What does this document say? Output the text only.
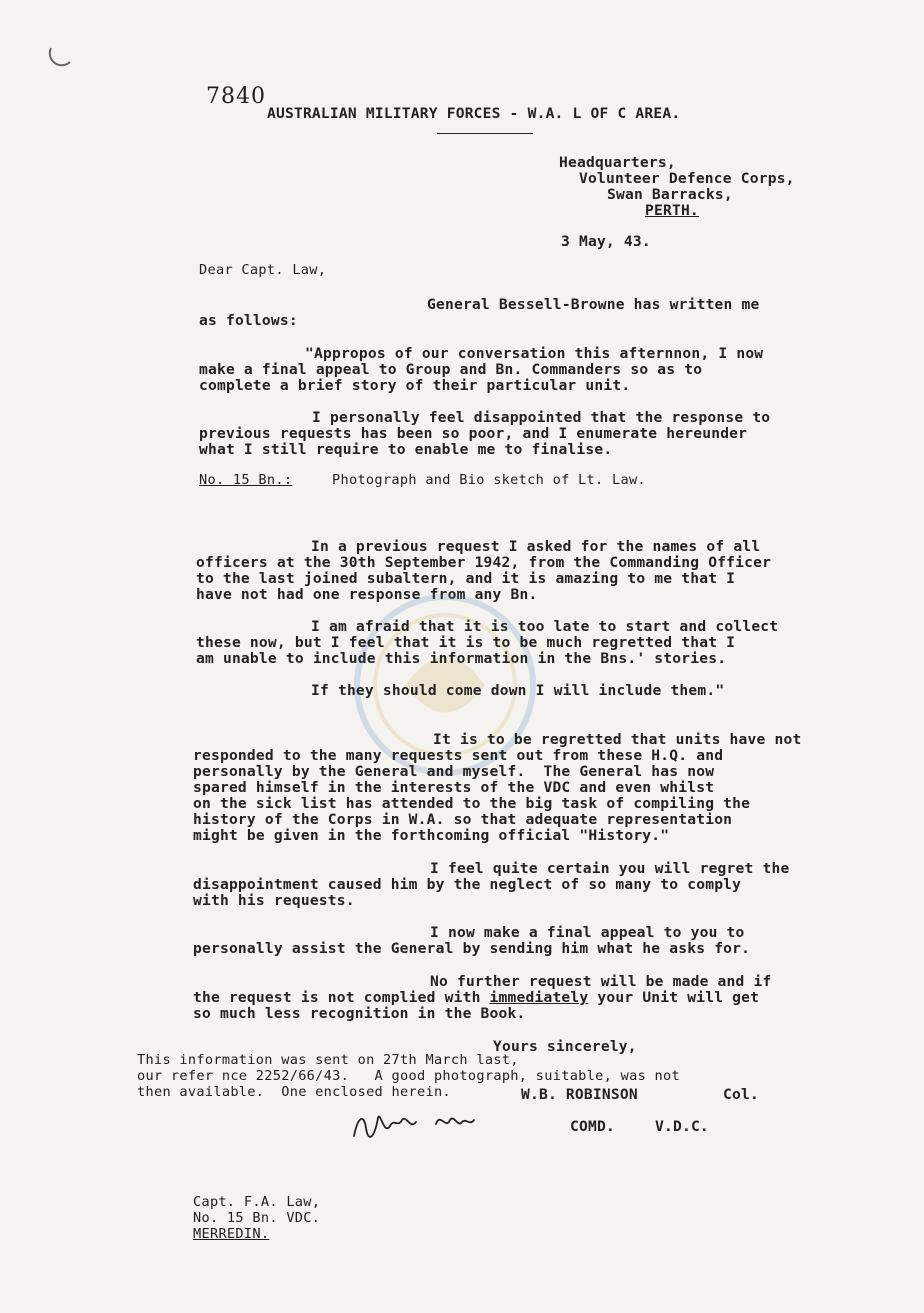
7840
AUSTRALIAN MILITARY FORCES - W.A. L OF C AREA.
Headquarters,
Volunteer Defence Corps,
Swan Barracks,
PERTH.
3 May, 43.
Dear Capt. Law,
General Bessell-Browne has written me
as follows:
"Appropos of our conversation this afternnon, I now
make a final appeal to Group and Bn. Commanders so as to
complete a brief story of their particular unit.
I personally feel disappointed that the response to
previous requests has been so poor, and I enumerate hereunder
what I still require to enable me to finalise.
No. 15 Bn.:	Photograph and Bio sketch of Lt. Law.
In a previous request I asked for the names of all
officers at the 30th September 1942, from the Commanding Officer
to the last joined subaltern, and it is amazing to me that I
have not had one response from any Bn.
I am afraid that it is too late to start and collect
these now, but I feel that it is to be much regretted that I
am unable to include this information in the Bns.' stories.
If they should come down I will include them."
It is to be regretted that units have not
responded to the many requests sent out from these H.Q. and
personally by the General and myself.  The General has now
spared himself in the interests of the VDC and even whilst
on the sick list has attended to the big task of compiling the
history of the Corps in W.A. so that adequate representation
might be given in the forthcoming official "History."
I feel quite certain you will regret the
disappointment caused him by the neglect of so many to comply
with his requests.
I now make a final appeal to you to
personally assist the General by sending him what he asks for.
No further request will be made and if
the request is not complied with immediately your Unit will get
so much less recognition in the Book.
Yours sincerely,
This information was sent on 27th March last,
our refer nce 2252/66/43.   A good photograph, suitable, was not
then available.  One enclosed herein.	W.B. ROBINSON	Col.
COMD.	V.D.C.
Capt. F.A. Law,
No. 15 Bn. VDC.
MERREDIN.
